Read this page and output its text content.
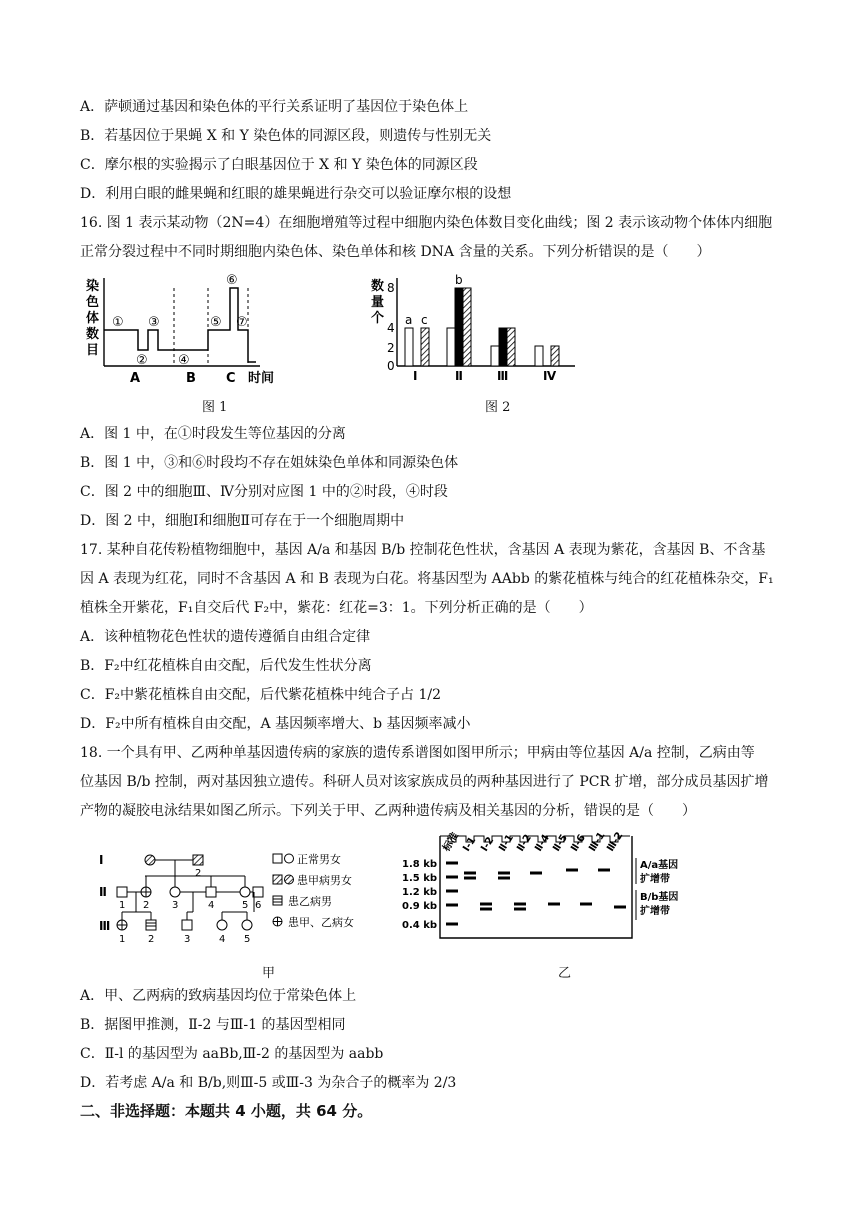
A．萨顿通过基因和染色体的平行关系证明了基因位于染色体上
B．若基因位于果蝇 X 和 Y 染色体的同源区段，则遗传与性别无关
C．摩尔根的实验揭示了白眼基因位于 X 和 Y 染色体的同源区段
D．利用白眼的雌果蝇和红眼的雄果蝇进行杂交可以验证摩尔根的设想
16. 图 1 表示某动物（2N=4）在细胞增殖等过程中细胞内染色体数目变化曲线；图 2 表示该动物个体体内细胞
正常分裂过程中不同时期细胞内染色体、染色单体和核 DNA 含量的关系。下列分析错误的是（　　）
染
色
体
数
目
①
②
③
④
⑤
⑥
⑦
A	B C 时间
图 1
数
量
个
8
4
2
0
a c
b
Ⅰ	Ⅱ	Ⅲ	Ⅳ
图 2
A．图 1 中，在①时段发生等位基因的分离
B．图 1 中，③和⑥时段均不存在姐妹染色单体和同源染色体
C．图 2 中的细胞Ⅲ、Ⅳ分别对应图 1 中的②时段，④时段
D．图 2 中，细胞Ⅰ和细胞Ⅱ可存在于一个细胞周期中
17. 某种自花传粉植物细胞中，基因 A/a 和基因 B/b 控制花色性状，含基因 A 表现为紫花，含基因 B、不含基
因 A 表现为红花，同时不含基因 A 和 B 表现为白花。将基因型为 AAbb 的紫花植株与纯合的红花植株杂交，F₁
植株全开紫花，F₁自交后代 F₂中，紫花：红花=3：1。下列分析正确的是（　　）
A．该种植物花色性状的遗传遵循自由组合定律
B．F₂中红花植株自由交配，后代发生性状分离
C．F₂中紫花植株自由交配，后代紫花植株中纯合子占 1/2
D．F₂中所有植株自由交配，A 基因频率增大、b 基因频率减小
18. 一个具有甲、乙两种单基因遗传病的家族的遗传系谱图如图甲所示；甲病由等位基因 A/a 控制，乙病由等
位基因 B/b 控制，两对基因独立遗传。科研人员对该家族成员的两种基因进行了 PCR 扩增，部分成员基因扩增
产物的凝胶电泳结果如图乙所示。下列关于甲、乙两种遗传病及相关基因的分析，错误的是（　　）
Ⅰ
Ⅱ
Ⅲ
2
1 2 3	4	5 6
1 2	3	4 5
正常男女
患甲病男女
患乙病男
患甲、乙病女
甲
标准 Ⅰ-1 Ⅰ-2 Ⅱ-1 Ⅱ-2 Ⅱ-4 Ⅱ-5 Ⅱ-6 Ⅲ-1
Ⅲ-2
1.8 kb
1.5 kb
1.2 kb
0.9 kb
0.4 kb
A/a基因
扩增带
B/b基因
扩增带
乙
A．甲、乙两病的致病基因均位于常染色体上
B．据图甲推测，Ⅱ-2 与Ⅲ-1 的基因型相同
C．Ⅱ-l 的基因型为 aaBb,Ⅲ-2 的基因型为 aabb
D．若考虑 A/a 和 B/b,则Ⅲ-5 或Ⅲ-3 为杂合子的概率为 2/3
二、非选择题：本题共 4 小题，共 64 分。
